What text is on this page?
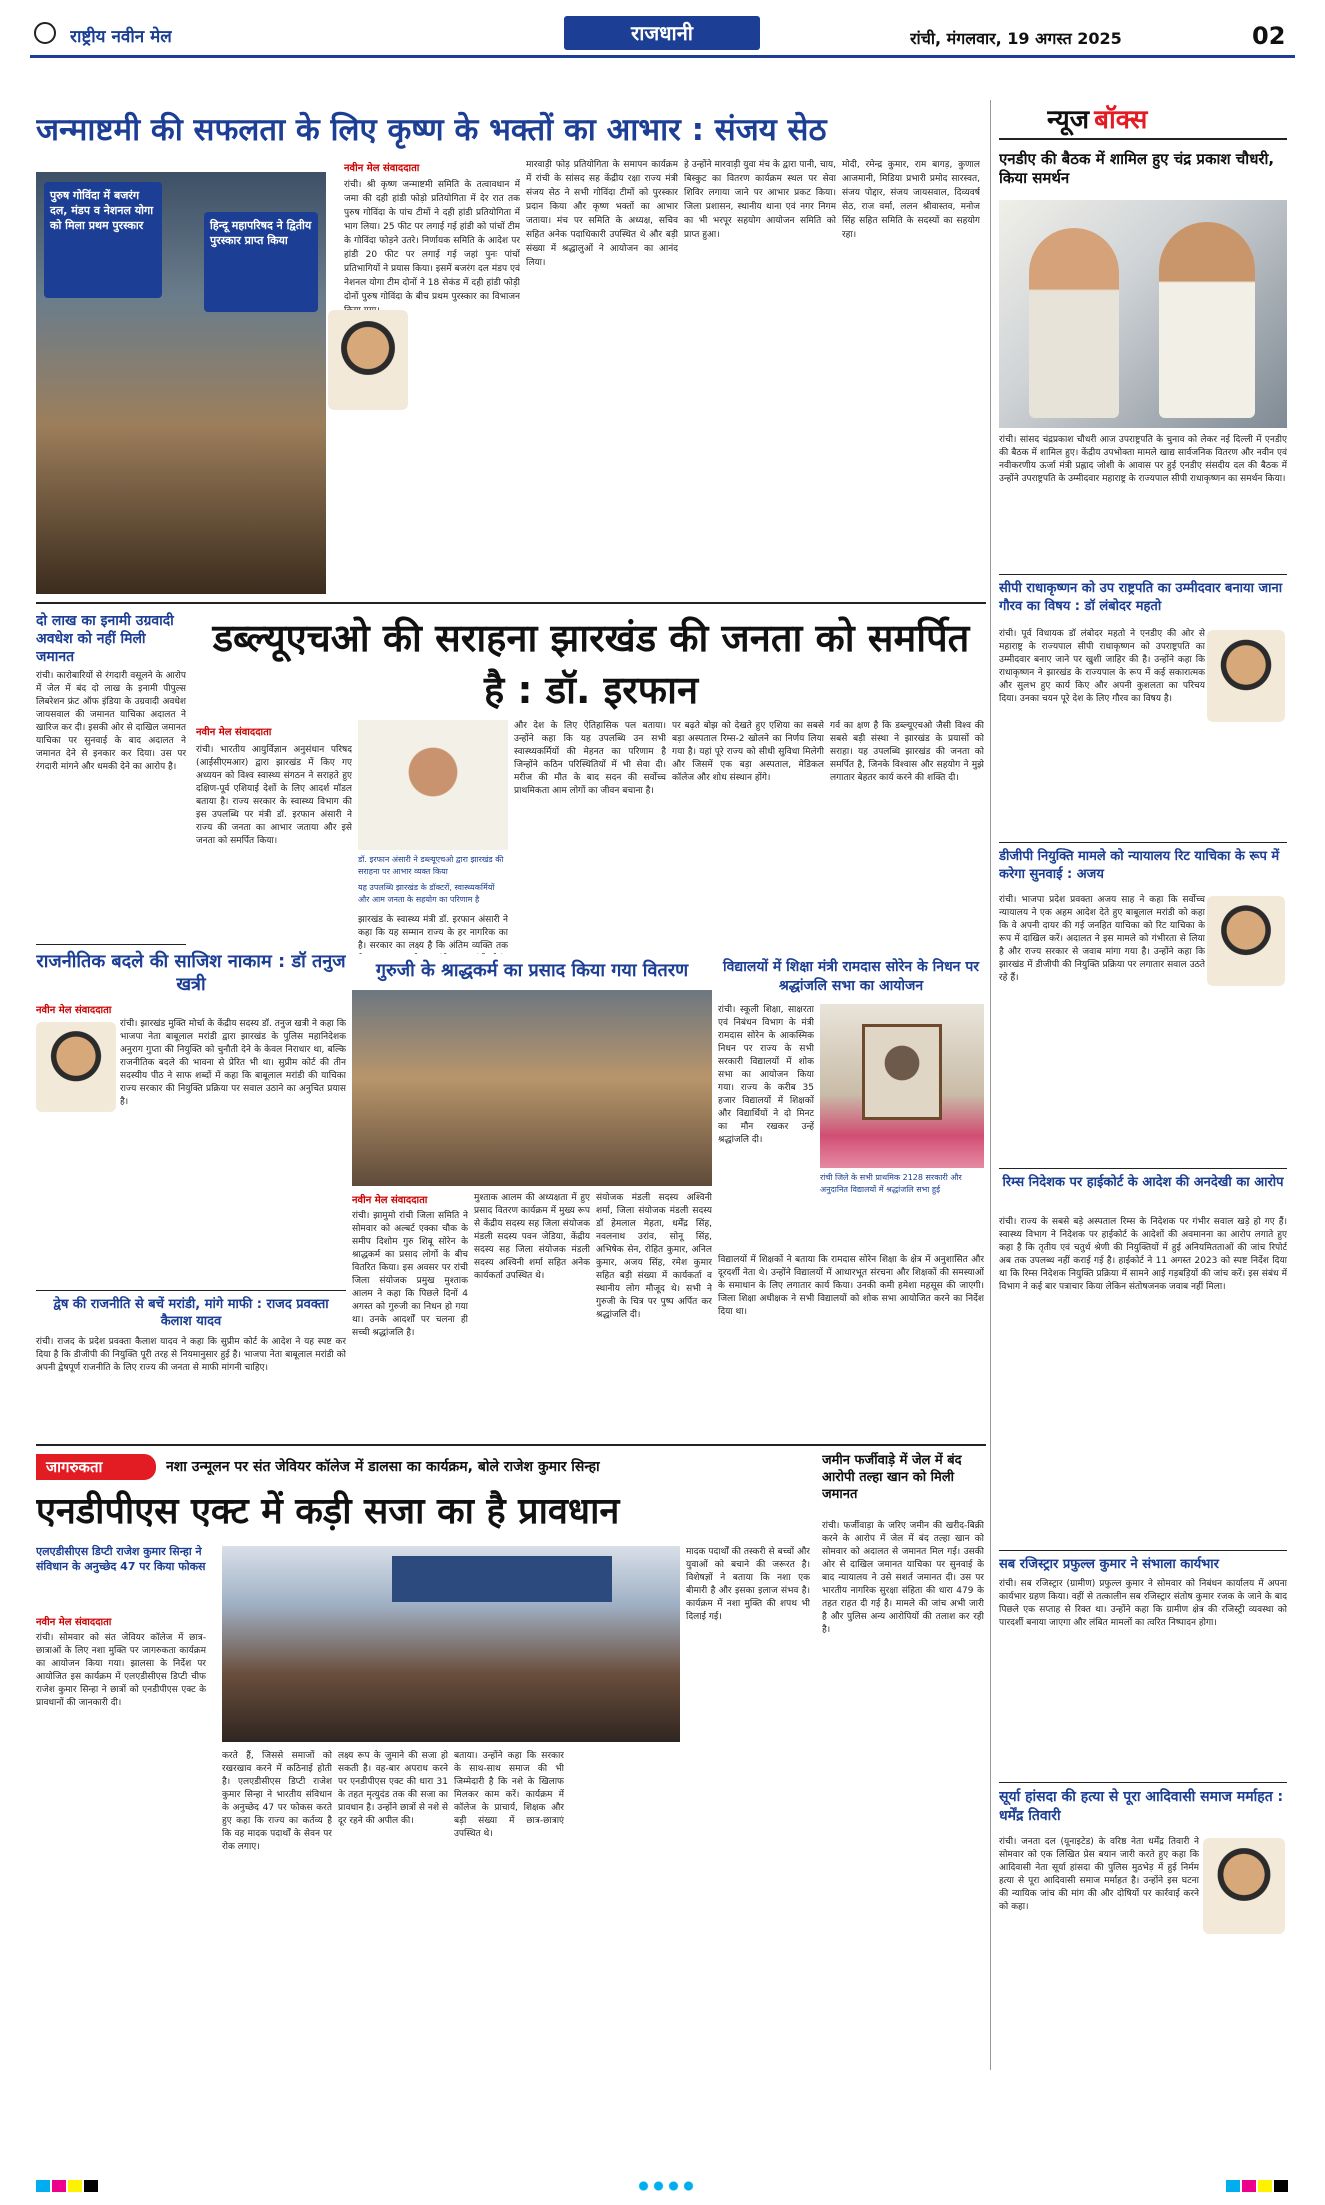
राष्ट्रीय नवीन मेल	राजधानी	रांची, मंगलवार, 19 अगस्त 2025	02
जन्माष्टमी की सफलता के लिए कृष्ण के भक्तों का आभार : संजय सेठ
पुरुष गोविंदा में बजरंग दल, मंडप व नेशनल योगा को मिला प्रथम पुरस्कार	हिन्दू महापरिषद ने द्वितीय पुरस्कार प्राप्त किया
नवीन मेल संवाददाता
रांची। श्री कृष्ण जन्माष्टमी समिति के तत्वावधान में जमा की दही हांडी फोड़ो प्रतियोगिता में देर रात तक पुरुष गोविंदा के पांच टीमों ने दही हांडी प्रतियोगिता में भाग लिया। 25 फीट पर लगाई गई हांडी को पांचों टीम के गोविंदा फोड़ने उतरे। निर्णायक समिति के आदेश पर हांडी 20 फीट पर लगाई गई जहां पुनः पांचों प्रतिभागियों ने प्रयास किया। इसमें बजरंग दल मंडप एवं नेशनल योगा टीम दोनों ने 18 सेकंड में दही हांडी फोड़ी दोनों पुरुष गोविंदा के बीच प्रथम पुरस्कार का विभाजन
मारवाड़ी फोड़ प्रतियोगिता के समापन कार्यक्रम में रांची के सांसद सह केंद्रीय रक्षा राज्य मंत्री संजय सेठ ने सभी गोविंदा टीमों को पुरस्कार प्रदान किया और कृष्ण भक्तों का आभार जताया। मंच पर समिति के अध्यक्ष, सचिव सहित अनेक पदाधिकारी उपस्थित थे और बड़ी संख्या में श्रद्धालुओं ने आयोजन का आनंद लिया।
हे उन्होंने मारवाड़ी युवा मंच के द्वारा पानी, चाय, बिस्कुट का वितरण कार्यक्रम स्थल पर सेवा शिविर लगाया जाने पर आभार प्रकट किया। जिला प्रशासन, स्थानीय थाना एवं नगर निगम का भी भरपूर सहयोग आयोजन समिति को प्राप्त हुआ।
मोदी, रमेन्द्र कुमार, राम बागड़, कुणाल आजमानी, मिडिया प्रभारी प्रमोद सारस्वत, संजय पोद्दार, संजय जायसवाल, दिव्यवर्ष सेठ, राज वर्मा, ललन श्रीवास्तव, मनोज सिंह सहित समिति के सदस्यों का सहयोग रहा।
न्यूज बॉक्स
एनडीए की बैठक में शामिल हुए चंद्र प्रकाश चौधरी, किया समर्थन
रांची। सांसद चंद्रप्रकाश चौधरी आज उपराष्ट्रपति के चुनाव को लेकर नई दिल्ली में एनडीए की बैठक में शामिल हुए। केंद्रीय उपभोक्ता मामले खाद्य सार्वजनिक वितरण और नवीन एवं नवीकरणीय ऊर्जा मंत्री प्रह्लाद जोशी के आवास पर हुई एनडीए संसदीय दल की बैठक में उन्होंने उपराष्ट्रपति के उम्मीदवार महाराष्ट्र के राज्यपाल सीपी राधाकृष्णन का समर्थन किया।
सीपी राधाकृष्णन को उप राष्ट्रपति का उम्मीदवार बनाया जाना गौरव का विषय : डॉ लंबोदर महतो
रांची। पूर्व विधायक डॉ लंबोदर महतो ने एनडीए की ओर से महाराष्ट्र के राज्यपाल सीपी राधाकृष्णन को उपराष्ट्रपति का उम्मीदवार बनाए जाने पर खुशी जाहिर की है। उन्होंने कहा कि राधाकृष्णन ने झारखंड के राज्यपाल के रूप में कई सकारात्मक और सुलभ हुए कार्य किए और अपनी कुशलता का परिचय दिया। उनका चयन पूरे देश के लिए गौरव का विषय है।
डीजीपी नियुक्ति मामले को न्यायालय रिट याचिका के रूप में करेगा सुनवाई : अजय
रांची। भाजपा प्रदेश प्रवक्ता अजय साह ने कहा कि सर्वोच्च न्यायालय ने एक अहम आदेश देते हुए बाबूलाल मरांडी को कहा कि वे अपनी दायर की गई जनहित याचिका को रिट याचिका के रूप में दाखिल करें। अदालत ने इस मामले को गंभीरता से लिया है और राज्य सरकार से जवाब मांगा गया है। उन्होंने कहा कि झारखंड में डीजीपी की नियुक्ति प्रक्रिया पर लगातार सवाल उठते रहे हैं।
रिम्स निदेशक पर हाईकोर्ट के आदेश की अनदेखी का आरोप
रांची। राज्य के सबसे बड़े अस्पताल रिम्स के निदेशक पर गंभीर सवाल खड़े हो गए हैं। स्वास्थ्य विभाग ने निदेशक पर हाईकोर्ट के आदेशों की अवमानना का आरोप लगाते हुए कहा है कि तृतीय एवं चतुर्थ श्रेणी की नियुक्तियों में हुई अनियमितताओं की जांच रिपोर्ट अब तक उपलब्ध नहीं कराई गई है। हाईकोर्ट ने 11 अगस्त 2023 को स्पष्ट निर्देश दिया था कि रिम्स निदेशक नियुक्ति प्रक्रिया में सामने आई गड़बड़ियों की जांच करें। इस संबंध में विभाग ने कई बार पत्राचार किया लेकिन संतोषजनक जवाब नहीं मिला।
सब रजिस्ट्रार प्रफुल्ल कुमार ने संभाला कार्यभार
रांची। सब रजिस्ट्रार (ग्रामीण) प्रफुल्ल कुमार ने सोमवार को निबंधन कार्यालय में अपना कार्यभार ग्रहण किया। वहीं से तत्कालीन सब रजिस्ट्रार संतोष कुमार रजक के जाने के बाद पिछले एक सप्ताह से रिक्त था। उन्होंने कहा कि ग्रामीण क्षेत्र की रजिस्ट्री व्यवस्था को पारदर्शी बनाया जाएगा और लंबित मामलों का त्वरित निष्पादन होगा।
सूर्या हांसदा की हत्या से पूरा आदिवासी समाज मर्माहत : धर्मेंद्र तिवारी
रांची। जनता दल (यूनाइटेड) के वरिष्ठ नेता धर्मेंद्र तिवारी ने सोमवार को एक लिखित प्रेस बयान जारी करते हुए कहा कि आदिवासी नेता सूर्या हांसदा की पुलिस मुठभेड़ में हुई निर्मम हत्या से पूरा आदिवासी समाज मर्माहत है। उन्होंने इस घटना की न्यायिक जांच की मांग की और दोषियों पर कार्रवाई करने को कहा।
दो लाख का इनामी उग्रवादी अवधेश को नहीं मिली जमानत
रांची। कारोबारियों से रंगदारी वसूलने के आरोप में जेल में बंद दो लाख के इनामी पीपुल्स लिबरेशन फ्रंट ऑफ इंडिया के उग्रवादी अवधेश जायसवाल की जमानत याचिका अदालत ने खारिज कर दी। इसकी ओर से दाखिल जमानत याचिका पर सुनवाई के बाद अदालत ने जमानत देने से इनकार कर दिया। उस पर रंगदारी मांगने और धमकी देने का आरोप है।
राजनीतिक बदले की साजिश नाकाम : डॉ तनुज खत्री
नवीन मेल संवाददाता
रांची। झारखंड मुक्ति मोर्चा के केंद्रीय सदस्य डॉ. तनुज खत्री ने कहा कि भाजपा नेता बाबूलाल मरांडी द्वारा झारखंड के पुलिस महानिदेशक अनुराग गुप्ता की नियुक्ति को चुनौती देने के केवल निराधार था, बल्कि राजनीतिक बदले की भावना से प्रेरित भी था। सुप्रीम कोर्ट की तीन सदस्यीय पीठ ने साफ शब्दों में कहा कि बाबूलाल मरांडी की याचिका राज्य सरकार की नियुक्ति प्रक्रिया पर सवाल उठाने का अनुचित प्रयास है।
द्वेष की राजनीति से बचें मरांडी, मांगे माफी : राजद प्रवक्ता कैलाश यादव
रांची। राजद के प्रदेश प्रवक्ता कैलाश यादव ने कहा कि सुप्रीम कोर्ट के आदेश ने यह स्पष्ट कर दिया है कि डीजीपी की नियुक्ति पूरी तरह से नियमानुसार हुई है। भाजपा नेता बाबूलाल मरांडी को अपनी द्वेषपूर्ण राजनीति के लिए राज्य की जनता से माफी मांगनी चाहिए।
डब्ल्यूएचओ की सराहना झारखंड की जनता को समर्पित है : डॉ. इरफान
नवीन मेल संवाददाता
रांची। भारतीय आयुर्विज्ञान अनुसंधान परिषद (आईसीएमआर) द्वारा झारखंड में किए गए अध्ययन को विश्व स्वास्थ्य संगठन ने सराहते हुए दक्षिण-पूर्व एशियाई देशों के लिए आदर्श मॉडल बताया है। राज्य सरकार के स्वास्थ्य विभाग की इस उपलब्धि पर मंत्री डॉ. इरफान अंसारी ने राज्य की जनता का आभार जताया और इसे जनता को समर्पित किया।
डॉ. इरफान अंसारी ने डब्ल्यूएचओ द्वारा झारखंड की सराहना पर आभार व्यक्त किया
यह उपलब्धि झारखंड के डॉक्टरों, स्वास्थ्यकर्मियों और आम जनता के सहयोग का परिणाम है
झारखंड के स्वास्थ्य मंत्री डॉ. इरफान अंसारी ने कहा कि यह सम्मान राज्य के हर नागरिक का है। सरकार का लक्ष्य है कि अंतिम व्यक्ति तक
और देश के लिए ऐतिहासिक पल बताया। उन्होंने कहा कि यह उपलब्धि उन सभी स्वास्थ्यकर्मियों की मेहनत का परिणाम है जिन्होंने कठिन परिस्थितियों में भी सेवा दी। मरीज की मौत के बाद सदन की सर्वोच्च प्राथमिकता आम लोगों का जीवन बचाना है।
पर बढ़ते बोझ को देखते हुए एशिया का सबसे बड़ा अस्पताल रिम्स-2 खोलने का निर्णय लिया गया है। यहां पूरे राज्य को सीधी सुविधा मिलेगी और जिसमें एक बड़ा अस्पताल, मेडिकल कॉलेज और शोध संस्थान होंगे।
गर्व का क्षण है कि डब्ल्यूएचओ जैसी विश्व की सबसे बड़ी संस्था ने झारखंड के प्रयासों को सराहा। यह उपलब्धि झारखंड की जनता को समर्पित है, जिनके विश्वास और सहयोग ने मुझे लगातार बेहतर कार्य करने की शक्ति दी।
गुरुजी के श्राद्धकर्म का प्रसाद किया गया वितरण
नवीन मेल संवाददाता
रांची। झामुमो रांची जिला समिति ने सोमवार को अल्बर्ट एक्का चौक के समीप दिशोम गुरु शिबू सोरेन के श्राद्धकर्म का प्रसाद लोगों के बीच वितरित किया। इस अवसर पर रांची जिला संयोजक प्रमुख मुश्ताक आलम ने कहा कि पिछले दिनों 4 अगस्त को गुरुजी का निधन हो गया था। उनके आदर्शों पर चलना ही सच्ची श्रद्धांजलि है।
मुश्ताक आलम की अध्यक्षता में हुए प्रसाद वितरण कार्यक्रम में मुख्य रूप से केंद्रीय सदस्य सह जिला संयोजक मंडली सदस्य पवन जेडिया, केंद्रीय सदस्य सह जिला संयोजक मंडली सदस्य अश्विनी शर्मा सहित अनेक कार्यकर्ता उपस्थित थे।
संयोजक मंडली सदस्य अश्विनी शर्मा, जिला संयोजक मंडली सदस्य डॉ हेमलाल मेहता, धर्मेंद्र सिंह, नवलनाथ उरांव, सोनू सिंह, अभिषेक सेन, रोहित कुमार, अनिल कुमार, अजय सिंह, रमेश कुमार सहित बड़ी संख्या में कार्यकर्ता व स्थानीय लोग मौजूद थे। सभी ने गुरुजी के चित्र पर पुष्प अर्पित कर श्रद्धांजलि दी।
विद्यालयों में शिक्षा मंत्री रामदास सोरेन के निधन पर श्रद्धांजलि सभा का आयोजन
रांची। स्कूली शिक्षा, साक्षरता एवं निबंधन विभाग के मंत्री रामदास सोरेन के आकस्मिक निधन पर राज्य के सभी सरकारी विद्यालयों में शोक सभा का आयोजन किया गया। राज्य के करीब 35 हजार विद्यालयों में शिक्षकों और विद्यार्थियों ने दो मिनट का मौन रखकर उन्हें श्रद्धांजलि दी।
रांची जिले के सभी प्राथमिक 2128 सरकारी और अनुदानित विद्यालयों में श्रद्धांजलि सभा हुई
विद्यालयों में शिक्षकों ने बताया कि रामदास सोरेन शिक्षा के क्षेत्र में अनुशासित और दूरदर्शी नेता थे। उन्होंने विद्यालयों में आधारभूत संरचना और शिक्षकों की समस्याओं के समाधान के लिए लगातार कार्य किया। उनकी कमी हमेशा महसूस की जाएगी। जिला शिक्षा अधीक्षक ने सभी विद्यालयों को शोक सभा आयोजित करने का निर्देश दिया था।
जागरुकता	नशा उन्मूलन पर संत जेवियर कॉलेज में डालसा का कार्यक्रम, बोले राजेश कुमार सिन्हा
एनडीपीएस एक्ट में कड़ी सजा का है प्रावधान
एलएडीसीएस डिप्टी राजेश कुमार सिन्हा ने संविधान के अनुच्छेद 47 पर किया फोकस
नवीन मेल संवाददाता
रांची। सोमवार को संत जेवियर कॉलेज में छात्र-छात्राओं के लिए नशा मुक्ति पर जागरुकता कार्यक्रम का आयोजन किया गया। झालसा के निर्देश पर आयोजित इस कार्यक्रम में एलएडीसीएस डिप्टी चीफ राजेश कुमार सिन्हा ने छात्रों को एनडीपीएस एक्ट के प्रावधानों की जानकारी दी।
करते हैं, जिससे समाजों को रखरखाव करने में कठिनाई होती है। एलएडीसीएस डिप्टी राजेश कुमार सिन्हा ने भारतीय संविधान के अनुच्छेद 47 पर फोकस करते हुए कहा कि राज्य का कर्तव्य है कि वह मादक पदार्थों के सेवन पर रोक लगाए।
लक्ष्य रूप के जुमाने की सजा हो सकती है। वह-बार अपराध करने पर एनडीपीएस एक्ट की धारा 31 के तहत मृत्युदंड तक की सजा का प्रावधान है। उन्होंने छात्रों से नशे से दूर रहने की अपील की।
बताया। उन्होंने कहा कि सरकार के साथ-साथ समाज की भी जिम्मेदारी है कि नशे के खिलाफ मिलकर काम करें। कार्यक्रम में कॉलेज के प्राचार्य, शिक्षक और बड़ी संख्या में छात्र-छात्राएं उपस्थित थे।
मादक पदार्थों की तस्करी से बच्चों और युवाओं को बचाने की जरूरत है। विशेषज्ञों ने बताया कि नशा एक बीमारी है और इसका इलाज संभव है। कार्यक्रम में नशा मुक्ति की शपथ भी दिलाई गई।
जमीन फर्जीवाड़े में जेल में बंद आरोपी तल्हा खान को मिली जमानत
रांची। फर्जीवाड़ा के जरिए जमीन की खरीद-बिक्री करने के आरोप में जेल में बंद तल्हा खान को सोमवार को अदालत से जमानत मिल गई। उसकी ओर से दाखिल जमानत याचिका पर सुनवाई के बाद न्यायालय ने उसे सशर्त जमानत दी। उस पर भारतीय नागरिक सुरक्षा संहिता की धारा 479 के तहत राहत दी गई है। मामले की जांच अभी जारी है और पुलिस अन्य आरोपियों की तलाश कर रही है।
